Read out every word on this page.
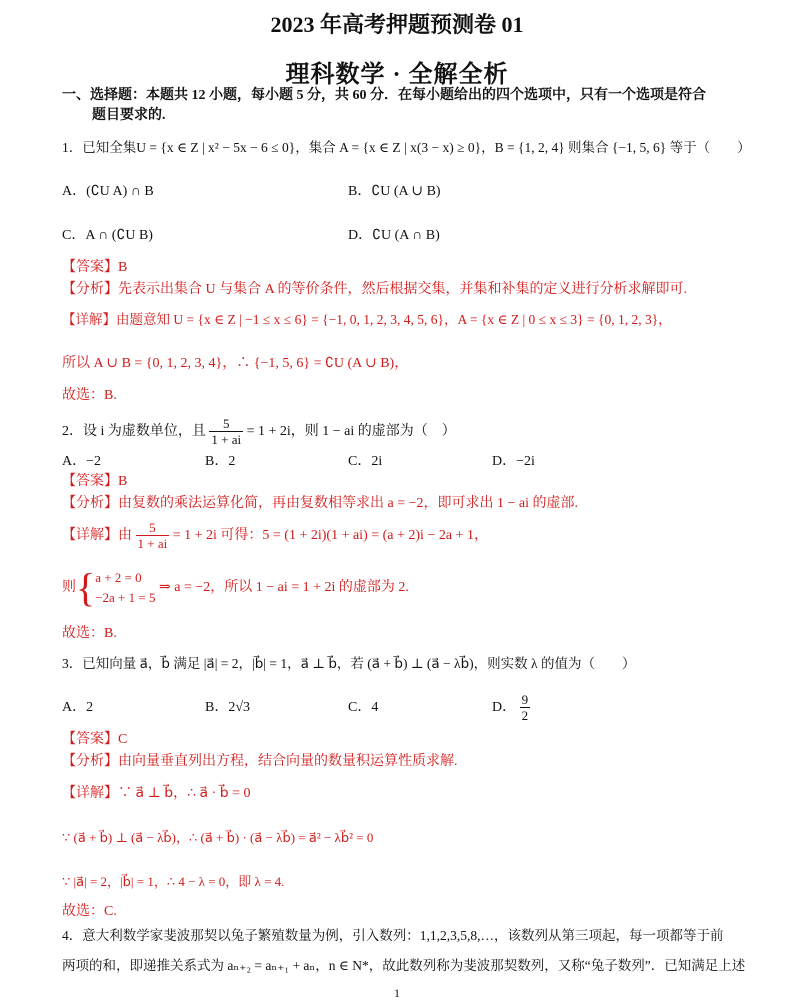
2023 年高考押题预测卷 01
理科数学 · 全解全析
一、选择题：本题共 12 小题，每小题 5 分，共 60 分．在每小题给出的四个选项中，只有一个选项是符合
题目要求的.
1．已知全集U = {x ∈ Z | x² − 5x − 6 ≤ 0}，集合 A = {x ∈ Z | x(3 − x) ≥ 0}，B = {1, 2, 4} 则集合 {−1, 5, 6} 等于（　　）
A．(∁U A) ∩ B	B．∁U (A ∪ B)
C．A ∩ (∁U B)	D．∁U (A ∩ B)
【答案】B
【分析】先表示出集合 U 与集合 A 的等价条件，然后根据交集，并集和补集的定义进行分析求解即可.
【详解】由题意知 U = {x ∈ Z | −1 ≤ x ≤ 6} = {−1, 0, 1, 2, 3, 4, 5, 6}，A = {x ∈ Z | 0 ≤ x ≤ 3} = {0, 1, 2, 3}，
所以 A ∪ B = {0, 1, 2, 3, 4}，∴ {−1, 5, 6} = ∁U (A ∪ B)，
故选：B.
2．设 i 为虚数单位，且 $\frac{5}{1 + ai} = 1 + 2i$，则 1 − ai 的虚部为（　）
A．−2	B．2	C．2i	D．−2i
【答案】B
【分析】由复数的乘法运算化简，再由复数相等求出 a = −2，即可求出 1 − ai 的虚部.
【详解】由 $\frac{5}{1 + ai} = 1 + 2i$ 可得：5 = (1 + 2i)(1 + ai) = (a + 2)i − 2a + 1，
则{ a + 2 = 0
−2a + 1 = 5
⇒ a = −2，所以 1 − ai = 1 + 2i 的虚部为 2.
故选：B.
3．已知向量 a⃗，b⃗ 满足 |a⃗| = 2，|b⃗| = 1，a⃗ ⊥ b⃗，若 (a⃗ + b⃗) ⊥ (a⃗ − λb⃗)，则实数 λ 的值为（　　）
A．2	B．2√3	C．4	D． $\frac{9}{2}$
【答案】C
【分析】由向量垂直列出方程，结合向量的数量积运算性质求解.
【详解】∵ a⃗ ⊥ b⃗，∴ a⃗ · b⃗ = 0
∵ (a⃗ + b⃗) ⊥ (a⃗ − λb⃗)，∴ (a⃗ + b⃗) · (a⃗ − λb⃗) = a⃗² − λb⃗² = 0
∵ |a⃗| = 2，|b⃗| = 1，∴ 4 − λ = 0，即 λ = 4.
故选：C.
4．意大利数学家斐波那契以兔子繁殖数量为例，引入数列：1,1,2,3,5,8,…，该数列从第三项起，每一项都等于前
两项的和，即递推关系式为 aₙ₊₂ = aₙ₊₁ + aₙ，n ∈ N*，故此数列称为斐波那契数列，又称“兔子数列”．已知满足上述
1
